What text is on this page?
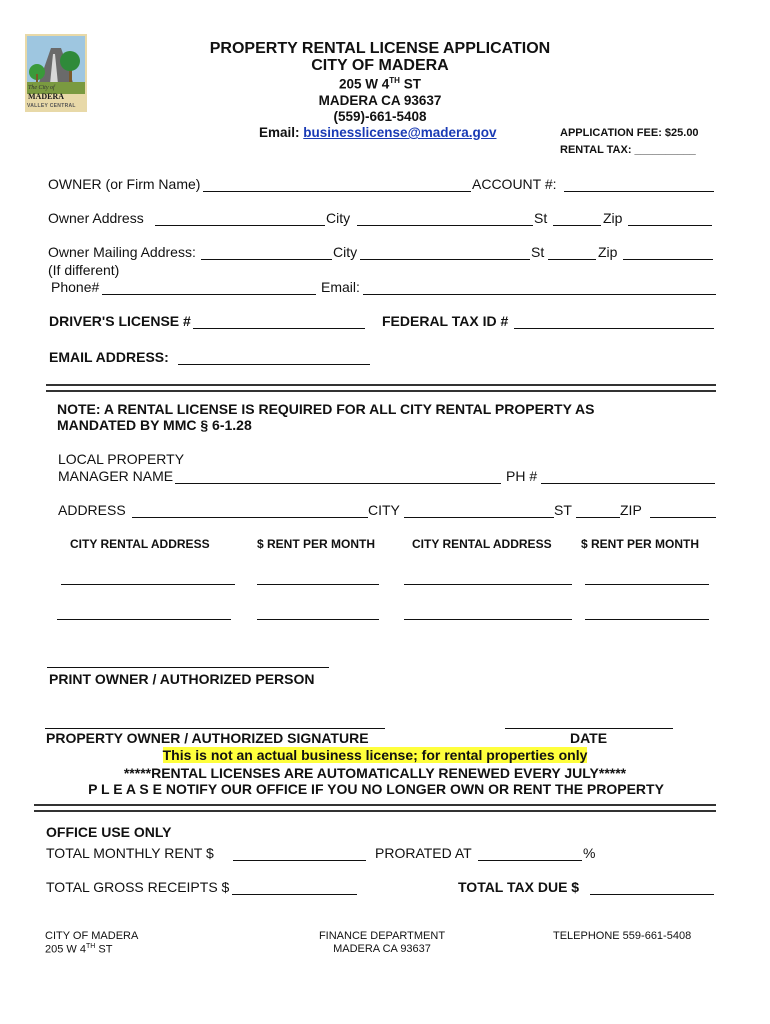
The City of
MADERA
VALLEY CENTRAL
PROPERTY RENTAL LICENSE APPLICATION
CITY OF MADERA
205 W 4TH ST
MADERA CA 93637
(559)-661-5408
Email: businesslicense@madera.gov	APPLICATION FEE: $25.00
RENTAL TAX: __________
OWNER (or Firm Name)	ACCOUNT #:
Owner Address	City	St	Zip
Owner Mailing Address:	City	St	Zip
(If different)
Phone#	Email:
DRIVER'S LICENSE #	FEDERAL TAX ID #
EMAIL ADDRESS:
NOTE: A RENTAL LICENSE IS REQUIRED FOR ALL CITY RENTAL PROPERTY AS
MANDATED BY MMC § 6-1.28
LOCAL PROPERTY
MANAGER NAME	PH #
ADDRESS	CITY	ST	ZIP
CITY RENTAL ADDRESS	$ RENT PER MONTH	CITY RENTAL ADDRESS $ RENT PER MONTH
PRINT OWNER / AUTHORIZED PERSON
PROPERTY OWNER / AUTHORIZED SIGNATURE	DATE
This is not an actual business license; for rental properties only
*****RENTAL LICENSES ARE AUTOMATICALLY RENEWED EVERY JULY*****
P L E A S E NOTIFY OUR OFFICE IF YOU NO LONGER OWN OR RENT THE PROPERTY
OFFICE USE ONLY
TOTAL MONTHLY RENT $	PRORATED AT	%
TOTAL GROSS RECEIPTS $	TOTAL TAX DUE $
CITY OF MADERA
205 W 4TH ST
FINANCE DEPARTMENT
MADERA CA 93637
TELEPHONE 559-661-5408
